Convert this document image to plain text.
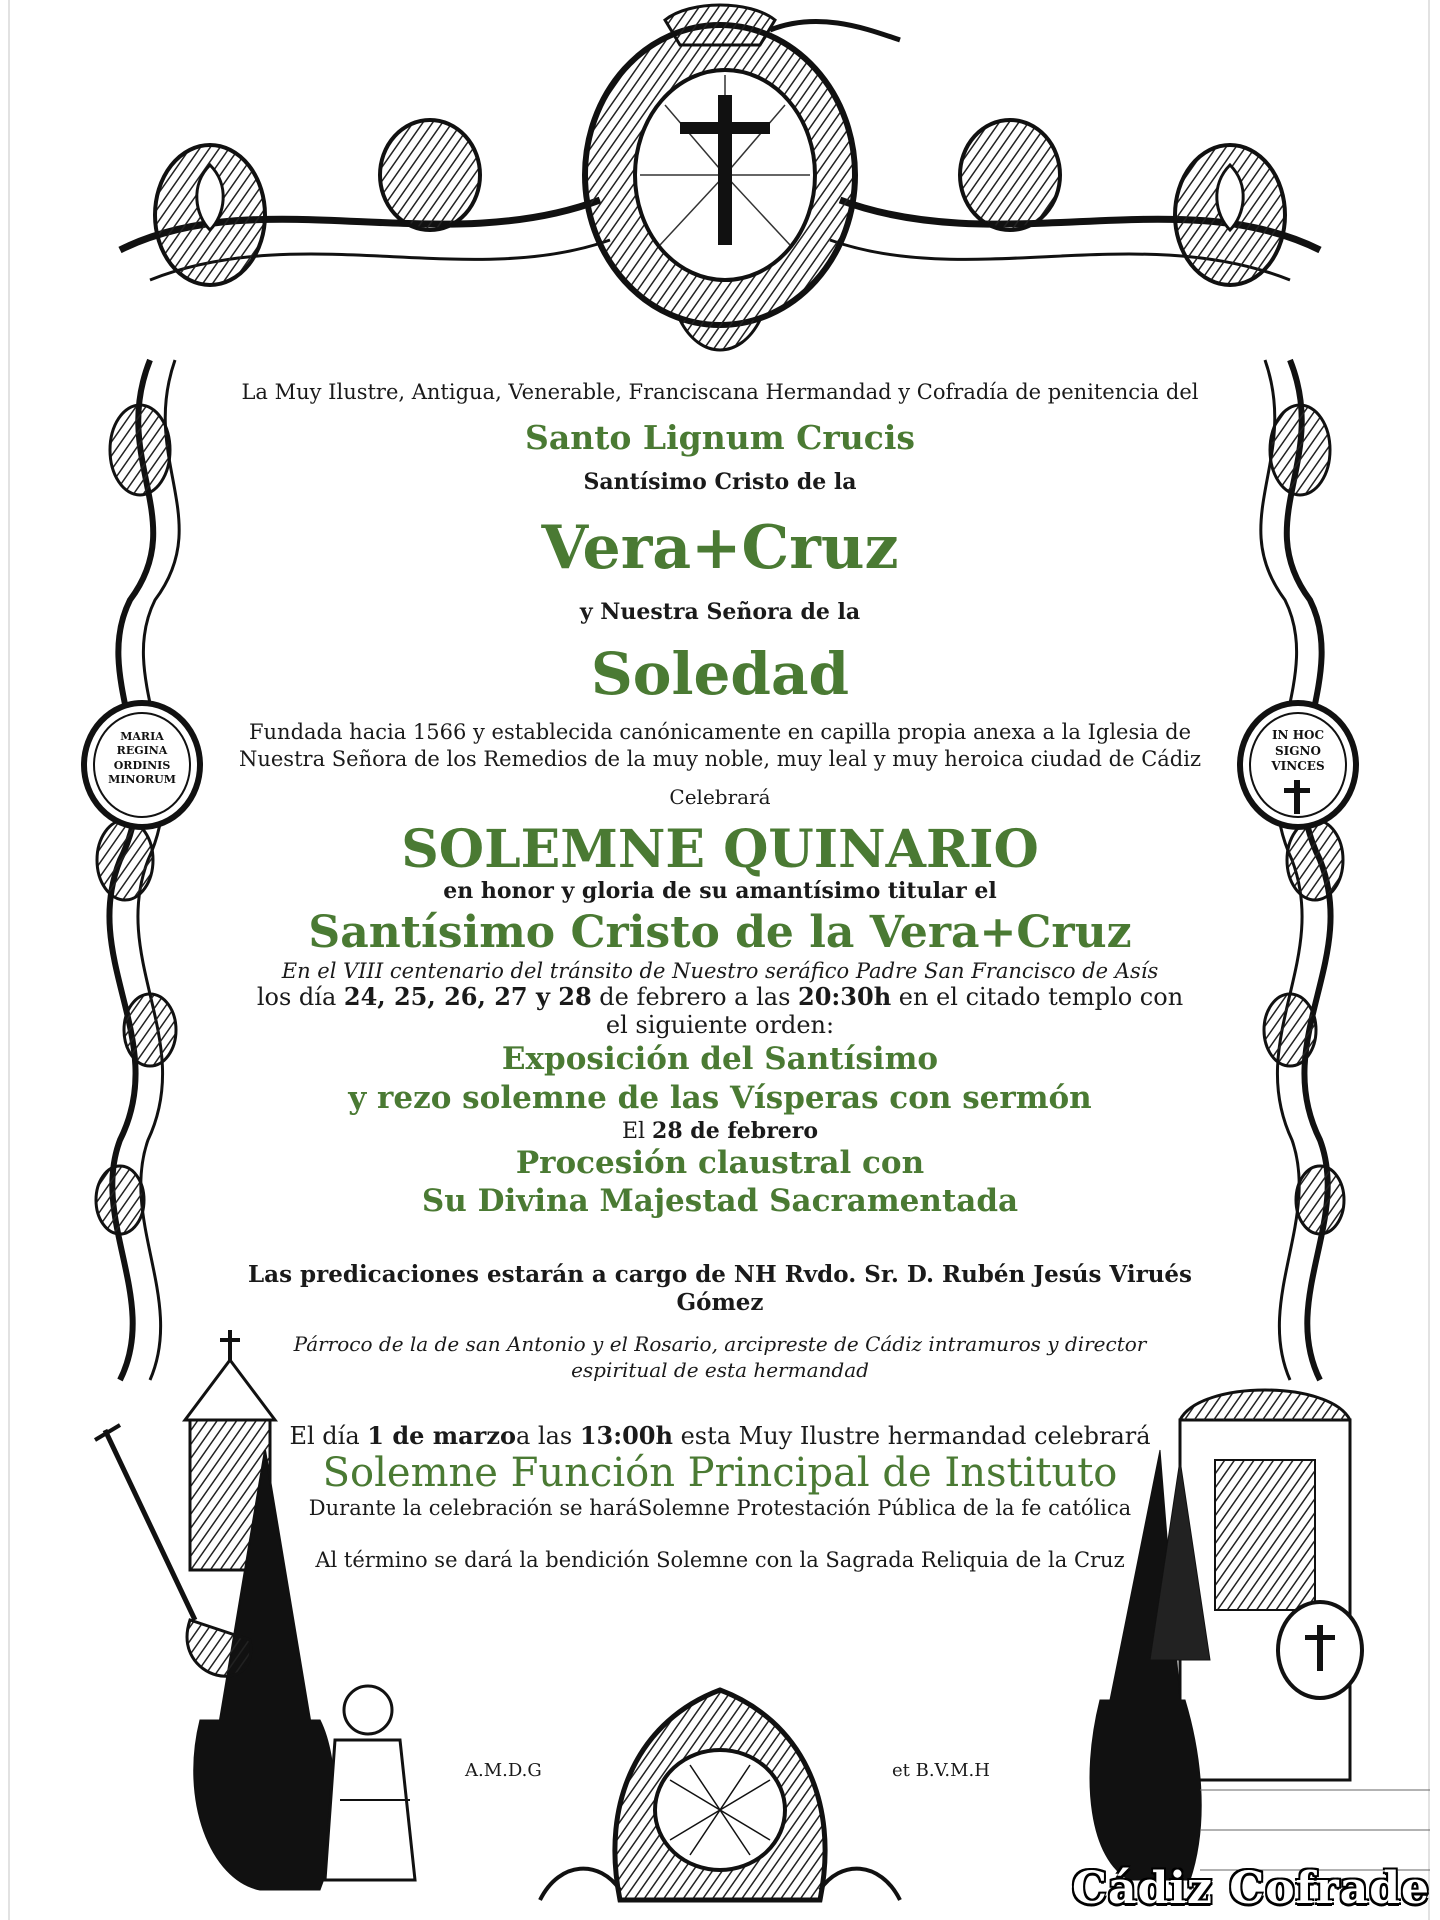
MARIA REGINA ORDINIS MINORUM
IN HOC SIGNO VINCES

La Muy Ilustre, Antigua, Venerable, Franciscana Hermandad y Cofradía de penitencia del

Santo Lignum Crucis

Santísimo Cristo de la

Vera+Cruz

y Nuestra Señora de la

Soledad

Fundada hacia 1566 y establecida canónicamente en capilla propia anexa a la Iglesia de Nuestra Señora de los Remedios de la muy noble, muy leal y muy heroica ciudad de Cádiz

Celebrará

SOLEMNE QUINARIO

en honor y gloria de su amantísimo titular el

Santísimo Cristo de la Vera+Cruz

En el VIII centenario del tránsito de Nuestro seráfico Padre San Francisco de Asís

los día 24, 25, 26, 27 y 28 de febrero a las 20:30h en el citado templo con el siguiente orden:

Exposición del Santísimo

y rezo solemne de las Vísperas con sermón

El 28 de febrero

Procesión claustral con

Su Divina Majestad Sacramentada

Las predicaciones estarán a cargo de NH Rvdo. Sr. D. Rubén Jesús Virués Gómez

Párroco de la de san Antonio y el Rosario, arcipreste de Cádiz intramuros y director espiritual de esta hermandad

El día 1 de marzoa las 13:00h esta Muy Ilustre hermandad celebrará

Solemne Función Principal de Instituto

Durante la celebración se haráSolemne Protestación Pública de la fe católica

Al término se dará la bendición Solemne con la Sagrada Reliquia de la Cruz

A.M.D.G	et B.V.M.H
Cádiz Cofrade
